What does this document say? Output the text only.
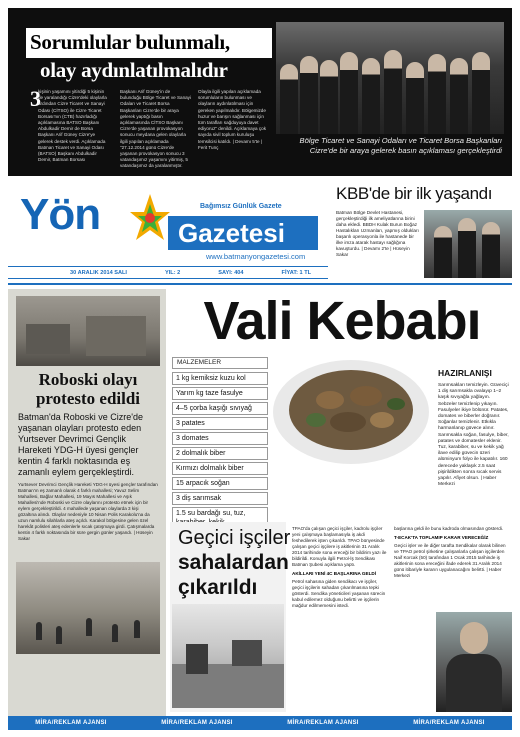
Sorumlular bulunmalı,
olay aydınlatılmalıdır
3
kişinin yaşamını yitirdiği 5 kişinin de yaralandığı Cizre'deki olaylarla ardından Cizre Ticaret ve Sanayi Odası (CİTSO) ile Cizre Ticaret Borsası'nın (CTB) hazırladığı açıklamasına BATSO Başkanı Abdulkadir Demir de Borsa Başkanı Arif Güney Cizre'ye gelerek destek verdi. Açıklamada Batman Ticaret ve Sanayi Odası (BATSO) Başkanı Abdulkadir Demir, Batman Borsası
Başkanı Arif Güney'in de bulunduğu Bölge Ticaret ve Sanayi Odaları ve Ticaret Borsa Başkanları Cizre'de bir araya gelerek yaptığı basın açıklamasında CİTSO Başkanı Cizre'de yaşanan provokasyon sonucu meydana gelen olaylarla ilgili yapılan açıklamada "27.12.2014 günü Cizre'de yaşanan provokasyon sonucu 3 vatandaşımız yaşamını yitirmiş, 5 vatandaşımız da yaralanmıştır.
Olayla ilgili yapılan açıklamada sorumluların bulunması ve olayların aydınlatılması için gereken yapılmalıdır. Bölgemizde huzur ve barışın sağlanması için tüm tarafları sağduyuya davet ediyoruz" denildi. Açıklamaya çok sayıda sivil toplum kuruluşu temsilcisi katıldı. | Devamı 5'te | Ferit Tunç
Bölge Ticaret ve Sanayi Odaları ve Ticaret Borsa Başkanları Cizre'de bir araya gelerek basın açıklaması gerçekleştirdi
Yön	Bağımsız Günlük Gazete
Gazetesi
www.batmanyongazetesi.com
30 ARALIK 2014 SALI	YIL: 2	SAYI: 404	FİYAT: 1 TL
KBB'de bir ilk yaşandı
Batman Bölge Devlet Hastanesi, gerçekleştirdiği ilk ameliyatlarına birini daha ekledi. BBDH Kulak Burun Boğaz Hastalıkları Uzmanları, yapmış oldukları başarılı operasyonla ile hastanede bir ilke imza atarak hastayı sağlığına kavuşturdu. | Devamı 2'te | Hüseyin Sakar
Roboski olayı protesto edildi
Batman'da Roboski ve Cizre'de yaşanan olayları protesto eden Yurtsever Devrimci Gençlik Hareketi YDG-H üyesi gençler kentin 4 farklı noktasında eş zamanlı eylem gerçekleştirdi.
Yurtsever Devrimci Gençlik Hareketi YDG-H üyesi gençler tarafından Batman'ın eş zamanlı olarak 4 farklı mahallesi; Yavuz Selim Mahallesi, Bağlar Mahallesi, 19 Mayıs Mahallesi ve Aşık Mahallesi'nde Roboski ve Cizre olaylarını protesto etmek için bir eylem gerçekleştirildi. 4 mahallede yaşanan olaylarda 3 kişi gözaltına alındı. Olaylar nedeniyle 10 Nisan Polis Karakolu'na da uzun namlulu silahlarla ateş açıldı. Karakol bölgesine gelen özel harekât polisleri ateş edenlerle sıcak çatışmaya girdi. Çatışmalarda kentin 4 farklı noktasında bir süre gergin günler yaşandı. | Hüseyin Sakar
Vali Kebabı
MALZEMELER
1 kg kemiksiz kuzu kol
Yarım kg taze fasulye
4–5 çorba kaşığı sıvıyağ
3 patates
3 domates
2 dolmalık biber
Kırmızı dolmalık biber
15 arpacık soğan
3 diş sarımsak
1.5 su bardağı su, tuz,
HAZIRLANIŞI
Sarımsakları temizleyin. Güveciçi 1 diş sarımsakla ovalayıp 1–2 kaşık sıvıyağla yağlayın. Sebzeler temizlenip yıkayın. Fasulyeler ikiye bölünür. Patates, domates ve biberler doğranır. Soğanlar temizlenir. Etkıkla harmanlanıp güvece alınır. Sarımsakla soğan, fasulye, biber, patates ve domatesler eklenir. Tuz, karabiber, su ve kekik yağ ilave edilip güvecin üzeri alüminyum folyo ile kapatılır. 160 derecede yaklaşık 2.5 saat pişirildikten sonra sıcak servis yapılır. Afiyet olsun. | Haber Merkezi
Geçici işçiler
sahalardan
çıkarıldı
TPAO'da çalışan geçici işçiler, kadrolu işçiler yeni çalışmaya başlamasıyla iş akdi feshedilerek işten çıkarıldı. TPAO bünyesinde çalışan geçici işçilere iş akitlerinin 31 Aralık 2014 tarihinde sona ereceği bir bildirim yazı ile bildirildi. Konuyla ilgili Petrol-İş Sendikası Batman Şubesi açıklama yaptı.
AKİLLARI YENİ 4C BAŞLARINA GELDİ
Petrol sahasına giden sendikacı ve işçiler, geçici işçilerin sahadan çıkarılmasına tepki gösterdi. Sendika yöneticileri yaşanan sürecin kabul edilemez olduğunu belirtti ve işçilerin mağdur edilmemesini istedi.
başlarına geldi ile bunu kadroda olmasından gösterdi.
T-ECAK'TA TOPLAMIP KARAR VERECEĞİZ
Geçici işler ve ile diğer tarafta Sendikalar olarak bilinen ve TPAO petrol şirketine çalışanlarla çalışan işçilerden Naif Korcak (50) tarafından 1 Ocak 2015 tarihinde iş akitlerinin sona ereceğini ifade ederek 31 Aralık 2014 günü itibariyle kararın uygulanacağını belirtti. | Haber Merkezi
MİRA/REKLAM AJANSI	MİRA/REKLAM AJANSI	MİRA/REKLAM AJANSI	MİRA/REKLAM AJANSI
